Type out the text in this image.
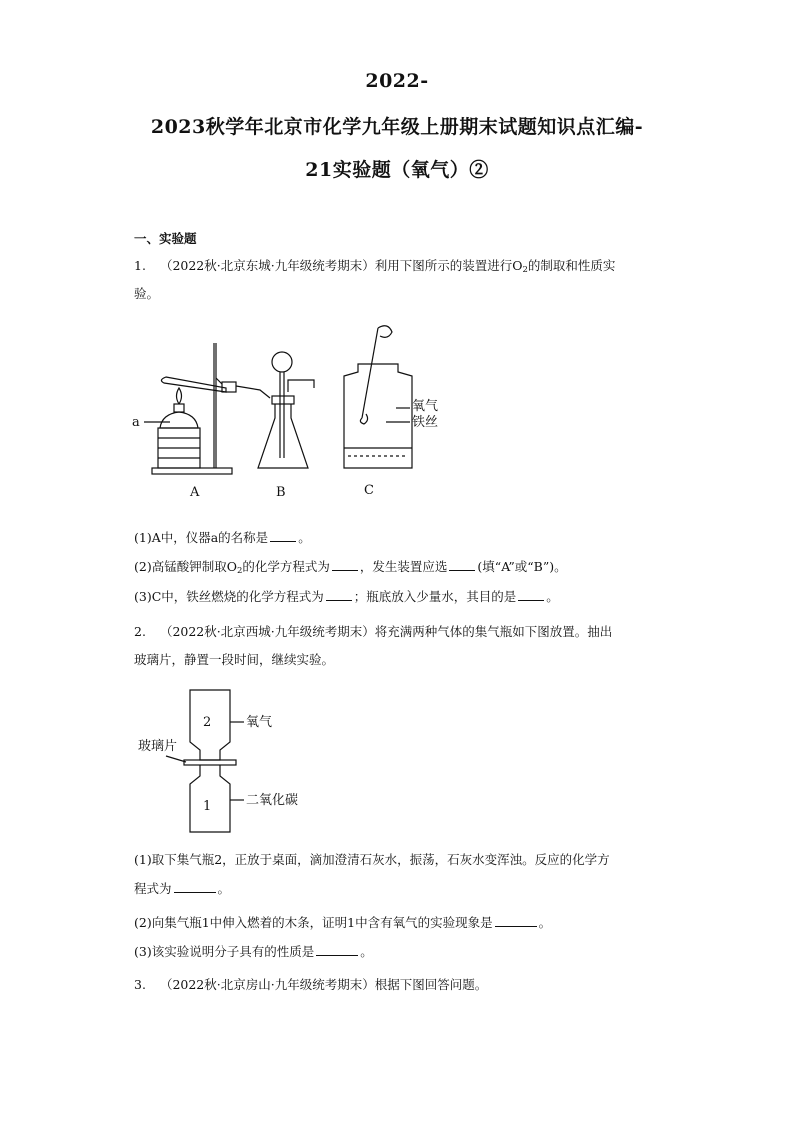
2022-
2023秋学年北京市化学九年级上册期末试题知识点汇编-
21实验题（氧气）②
一、实验题
1. （2022秋·北京东城·九年级统考期末）利用下图所示的装置进行$O_2$的制取和性质实
验。
a
A	B	C
氧气
铁丝
(1)A中，仪器a的名称是 。
(2)高锰酸钾制取$O_2$的化学方程式为 ，发生装置应选 (填“A”或“B”)。
(3)C中，铁丝燃烧的化学方程式为 ；瓶底放入少量水，其目的是 。
2. （2022秋·北京西城·九年级统考期末）将充满两种气体的集气瓶如下图放置。抽出
玻璃片，静置一段时间，继续实验。
2
1
氧气
玻璃片
二氧化碳
(1)取下集气瓶2，正放于桌面，滴加澄清石灰水，振荡，石灰水变浑浊。反应的化学方
程式为	。
(2)向集气瓶1中伸入燃着的木条，证明1中含有氧气的实验现象是	。
(3)该实验说明分子具有的性质是	。
3. （2022秋·北京房山·九年级统考期末）根据下图回答问题。
